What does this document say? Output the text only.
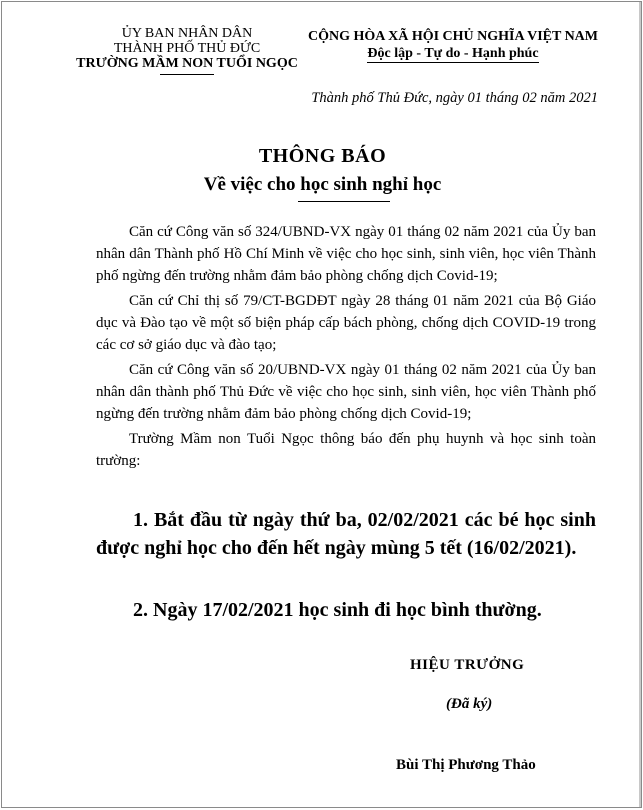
ỦY BAN NHÂN DÂN
THÀNH PHỐ THỦ ĐỨC
TRƯỜNG MẦM NON TUỔI NGỌC
CỘNG HÒA XÃ HỘI CHỦ NGHĨA VIỆT NAM
Độc lập - Tự do - Hạnh phúc
Thành phố Thủ Đức, ngày 01 tháng 02 năm 2021
THÔNG BÁO
Về việc cho học sinh nghỉ học

Căn cứ Công văn số 324/UBND-VX ngày 01 tháng 02 năm 2021 của Ủy ban nhân dân Thành phố Hồ Chí Minh về việc cho học sinh, sinh viên, học viên Thành phố ngừng đến trường nhằm đảm bảo phòng chống dịch Covid-19;

Căn cứ Chỉ thị số 79/CT-BGDĐT ngày 28 tháng 01 năm 2021 của Bộ Giáo dục và Đào tạo về một số biện pháp cấp bách phòng, chống dịch COVID-19 trong các cơ sở giáo dục và đào tạo;

Căn cứ Công văn số 20/UBND-VX ngày 01 tháng 02 năm 2021 của Ủy ban nhân dân thành phố Thủ Đức về việc cho học sinh, sinh viên, học viên Thành phố ngừng đến trường nhằm đảm bảo phòng chống dịch Covid-19;

Trường Mầm non Tuổi Ngọc thông báo đến phụ huynh và học sinh toàn trường:

1. Bắt đầu từ ngày thứ ba, 02/02/2021 các bé học sinh được nghỉ học cho đến hết ngày mùng 5 tết (16/02/2021).
2. Ngày 17/02/2021 học sinh đi học bình thường.
HIỆU TRƯỞNG
(Đã ký)
Bùi Thị Phương Thảo
